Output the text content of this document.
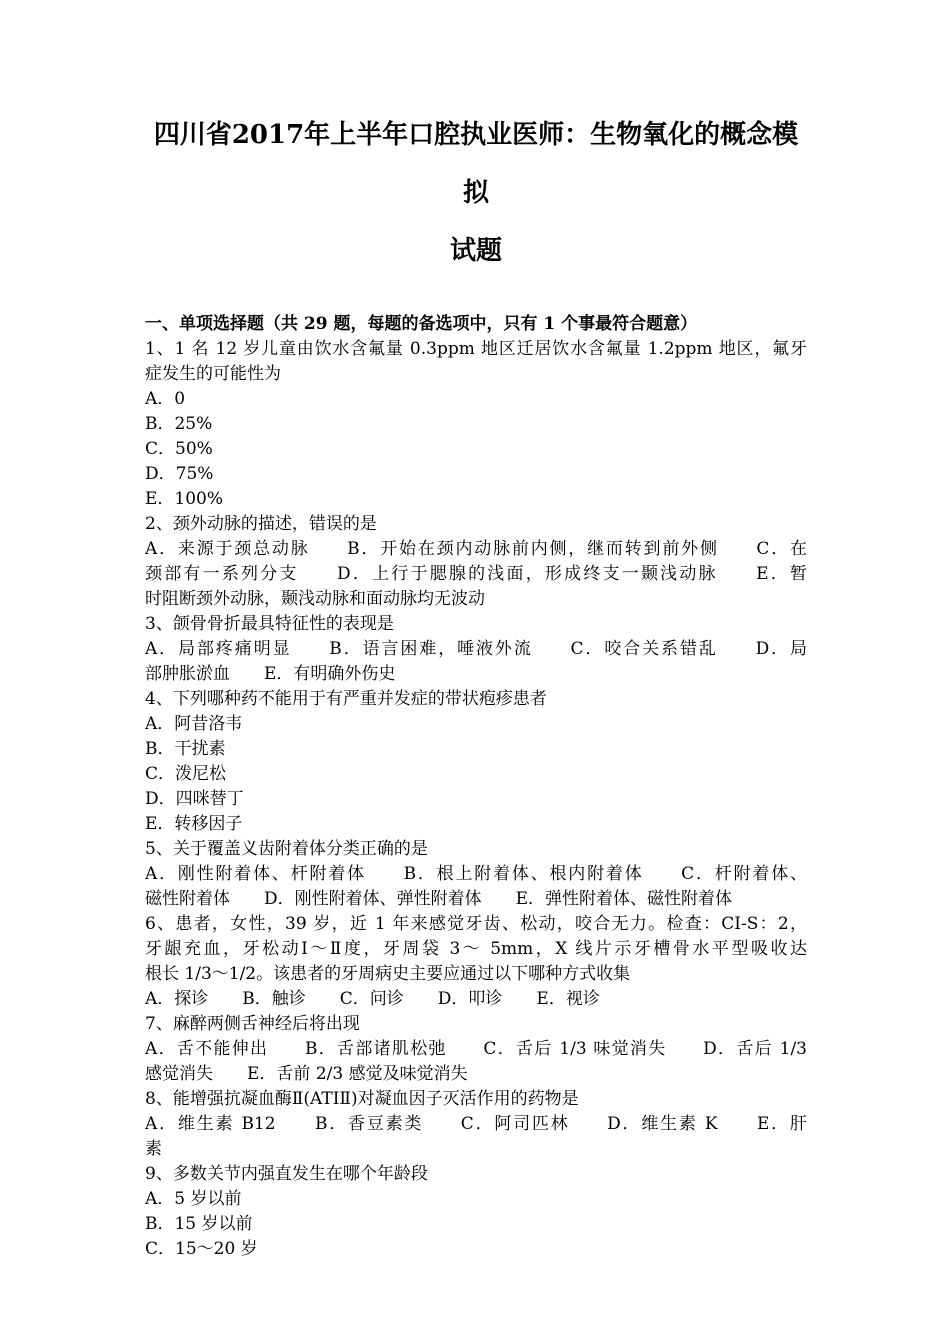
四川省2017年上半年口腔执业医师：生物氧化的概念模拟
试题
一、单项选择题（共 29 题，每题的备选项中，只有 1 个事最符合题意）
1、1 名 12 岁儿童由饮水含氟量 0.3ppm 地区迁居饮水含氟量 1.2ppm 地区，氟牙
症发生的可能性为
A．0
B．25%
C．50%
D．75%
E．100%
2、颈外动脉的描述，错误的是
A．来源于颈总动脉　　B．开始在颈内动脉前内侧，继而转到前外侧　　C．在
颈部有一系列分支　　D．上行于腮腺的浅面，形成终支一颞浅动脉　　E．暂
时阻断颈外动脉，颞浅动脉和面动脉均无波动
3、颌骨骨折最具特征性的表现是
A．局部疼痛明显　　B．语言困难，唾液外流　　C．咬合关系错乱　　D．局
部肿胀淤血　　E．有明确外伤史
4、下列哪种药不能用于有严重并发症的带状疱疹患者
A．阿昔洛韦
B．干扰素
C．泼尼松
D．四咪替丁
E．转移因子
5、关于覆盖义齿附着体分类正确的是
A．刚性附着体、杆附着体　　B．根上附着体、根内附着体　　C．杆附着体、
磁性附着体　　D．刚性附着体、弹性附着体　　E．弹性附着体、磁性附着体
6、患者，女性，39 岁，近 1 年来感觉牙齿、松动，咬合无力。检查：CI-S：2，
牙龈充血，牙松动Ⅰ～Ⅱ度，牙周袋 3～ 5mm，X 线片示牙槽骨水平型吸收达
根长 1/3～1/2。该患者的牙周病史主要应通过以下哪种方式收集
A．探诊　　B．触诊　　C．问诊　　D．叩诊　　E．视诊
7、麻醉两侧舌神经后将出现
A．舌不能伸出　　B．舌部诸肌松弛　　C．舌后 1/3 味觉消失　　D．舌后 1/3
感觉消失　　E．舌前 2/3 感觉及味觉消失
8、能增强抗凝血酶Ⅱ(ATIⅡ)对凝血因子灭活作用的药物是
A．维生素 B12　　B．香豆素类　　C．阿司匹林　　D．维生素 K　　E．肝
素
9、多数关节内强直发生在哪个年龄段
A．5 岁以前
B．15 岁以前
C．15～20 岁
